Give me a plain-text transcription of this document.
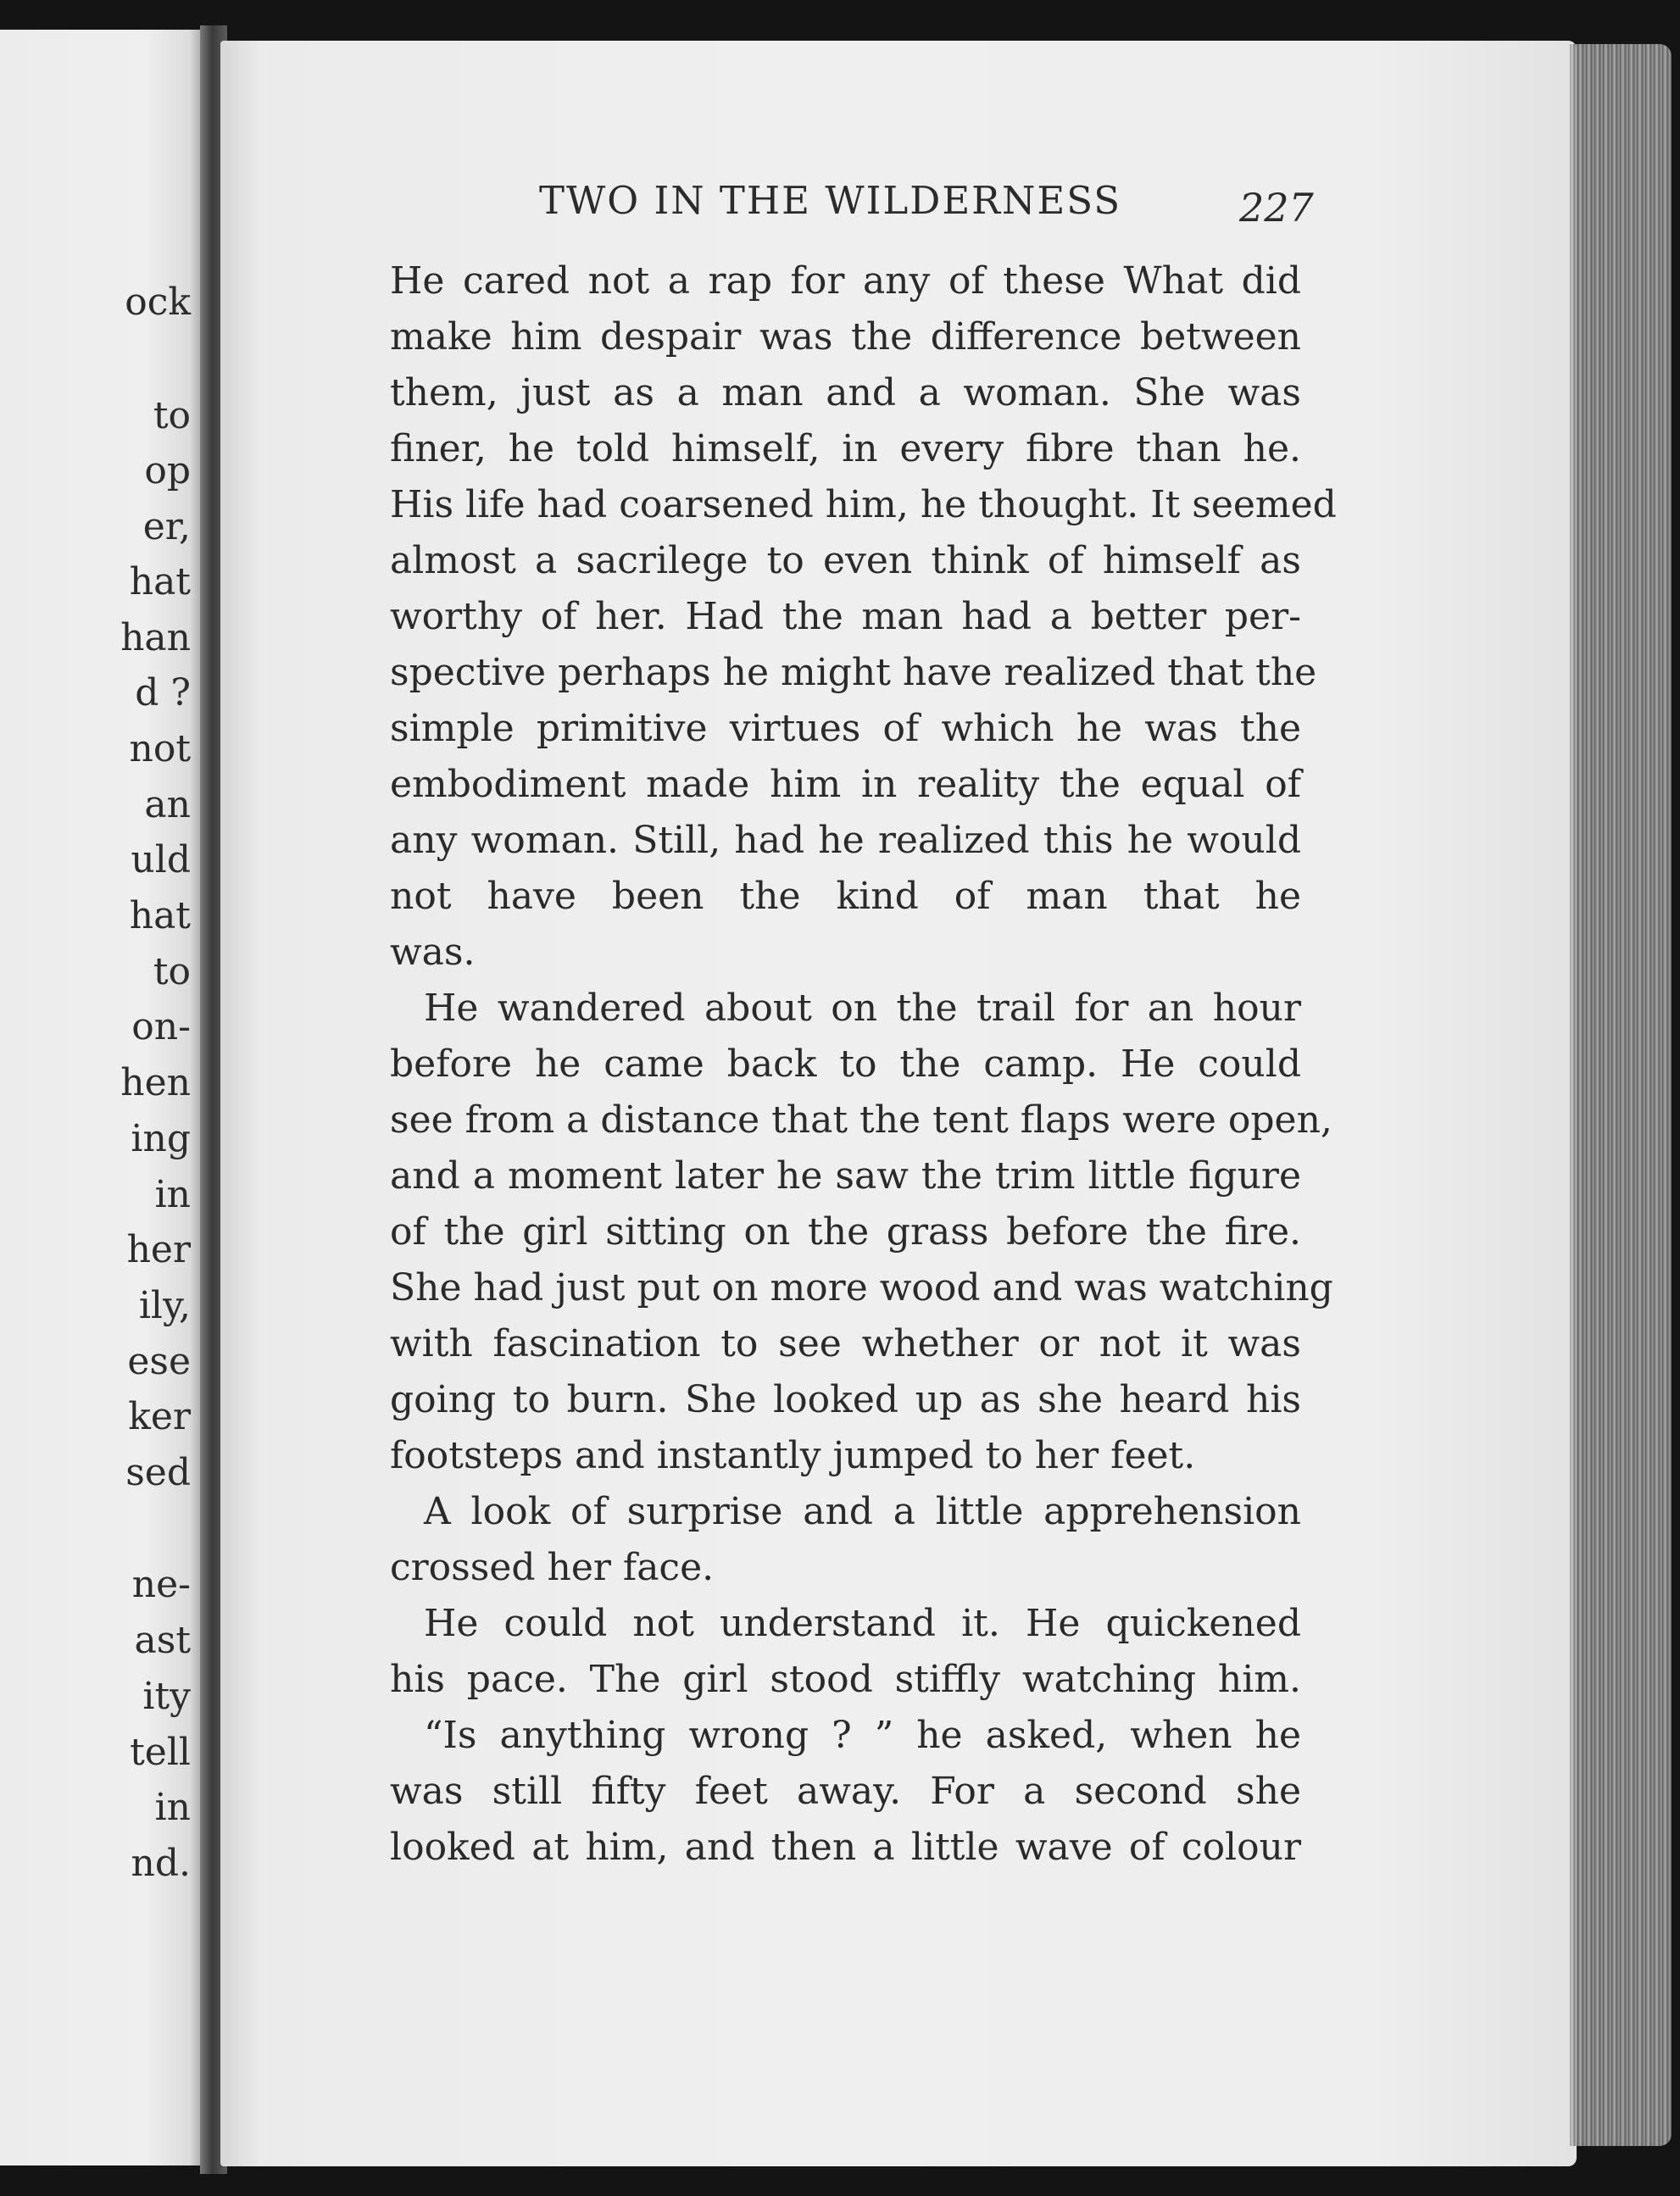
ock
to
op
er,
hat
han
d ?
not
an
uld
hat
to
on-
hen
ing
in
her
ily,
ese
ker
sed
ne-
ast
ity
tell
in
nd.
TWO IN THE WILDERNESS	227
He cared not a rap for any of these What did
make him despair was the difference between
them, just as a man and a woman. She was
finer, he told himself, in every fibre than he.
His life had coarsened him, he thought. It seemed
almost a sacrilege to even think of himself as
worthy of her. Had the man had a better per-
spective perhaps he might have realized that the
simple primitive virtues of which he was the
embodiment made him in reality the equal of
any woman. Still, had he realized this he would
not have been the kind of man that he
was.
He wandered about on the trail for an hour
before he came back to the camp. He could
see from a distance that the tent flaps were open,
and a moment later he saw the trim little figure
of the girl sitting on the grass before the fire.
She had just put on more wood and was watching
with fascination to see whether or not it was
going to burn. She looked up as she heard his
footsteps and instantly jumped to her feet.
A look of surprise and a little apprehension
crossed her face.
He could not understand it. He quickened
his pace. The girl stood stiffly watching him.
“Is anything wrong ? ” he asked, when he
was still fifty feet away. For a second she
looked at him, and then a little wave of colour
